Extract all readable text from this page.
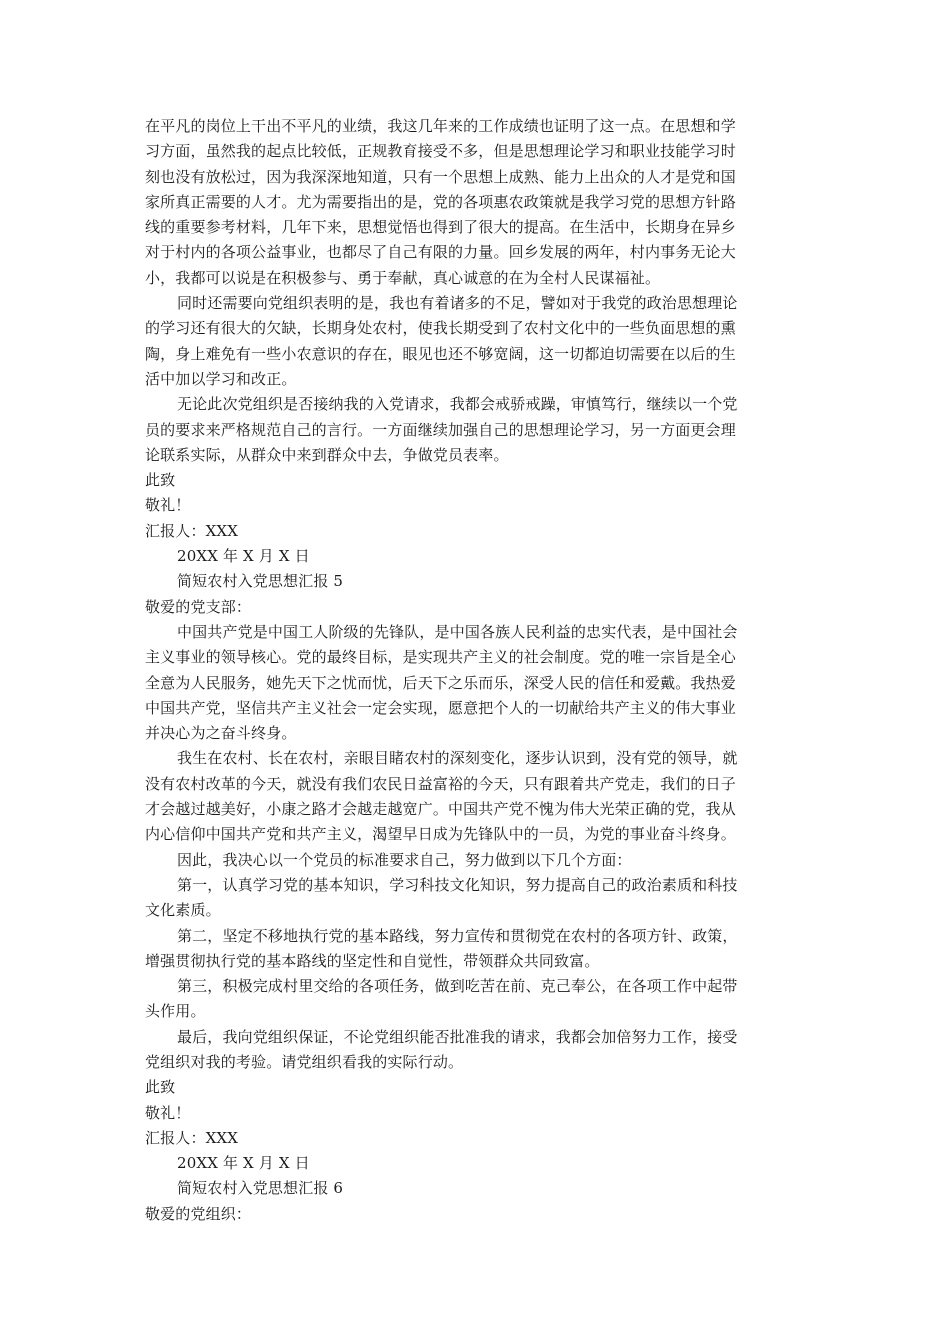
在平凡的岗位上干出不平凡的业绩，我这几年来的工作成绩也证明了这一点。在思想和学
习方面，虽然我的起点比较低，正规教育接受不多，但是思想理论学习和职业技能学习时
刻也没有放松过，因为我深深地知道，只有一个思想上成熟、能力上出众的人才是党和国
家所真正需要的人才。尤为需要指出的是，党的各项惠农政策就是我学习党的思想方针路
线的重要参考材料，几年下来，思想觉悟也得到了很大的提高。在生活中，长期身在异乡
对于村内的各项公益事业，也都尽了自己有限的力量。回乡发展的两年，村内事务无论大
小，我都可以说是在积极参与、勇于奉献，真心诚意的在为全村人民谋福祉。
同时还需要向党组织表明的是，我也有着诸多的不足，譬如对于我党的政治思想理论
的学习还有很大的欠缺，长期身处农村，使我长期受到了农村文化中的一些负面思想的熏
陶，身上难免有一些小农意识的存在，眼见也还不够宽阔，这一切都迫切需要在以后的生
活中加以学习和改正。
无论此次党组织是否接纳我的入党请求，我都会戒骄戒躁，审慎笃行，继续以一个党
员的要求来严格规范自己的言行。一方面继续加强自己的思想理论学习，另一方面更会理
论联系实际，从群众中来到群众中去，争做党员表率。
此致
敬礼！
汇报人：XXX
20XX 年 X 月 X 日
简短农村入党思想汇报 5
敬爱的党支部：
中国共产党是中国工人阶级的先锋队，是中国各族人民利益的忠实代表，是中国社会
主义事业的领导核心。党的最终目标，是实现共产主义的社会制度。党的唯一宗旨是全心
全意为人民服务，她先天下之忧而忧，后天下之乐而乐，深受人民的信任和爱戴。我热爱
中国共产党，坚信共产主义社会一定会实现，愿意把个人的一切献给共产主义的伟大事业
并决心为之奋斗终身。
我生在农村、长在农村，亲眼目睹农村的深刻变化，逐步认识到，没有党的领导，就
没有农村改革的今天，就没有我们农民日益富裕的今天，只有跟着共产党走，我们的日子
才会越过越美好，小康之路才会越走越宽广。中国共产党不愧为伟大光荣正确的党，我从
内心信仰中国共产党和共产主义，渴望早日成为先锋队中的一员，为党的事业奋斗终身。
因此，我决心以一个党员的标准要求自己，努力做到以下几个方面：
第一，认真学习党的基本知识，学习科技文化知识，努力提高自己的政治素质和科技
文化素质。
第二，坚定不移地执行党的基本路线，努力宣传和贯彻党在农村的各项方针、政策，
增强贯彻执行党的基本路线的坚定性和自觉性，带领群众共同致富。
第三，积极完成村里交给的各项任务，做到吃苦在前、克己奉公，在各项工作中起带
头作用。
最后，我向党组织保证，不论党组织能否批准我的请求，我都会加倍努力工作，接受
党组织对我的考验。请党组织看我的实际行动。
此致
敬礼！
汇报人：XXX
20XX 年 X 月 X 日
简短农村入党思想汇报 6
敬爱的党组织：
